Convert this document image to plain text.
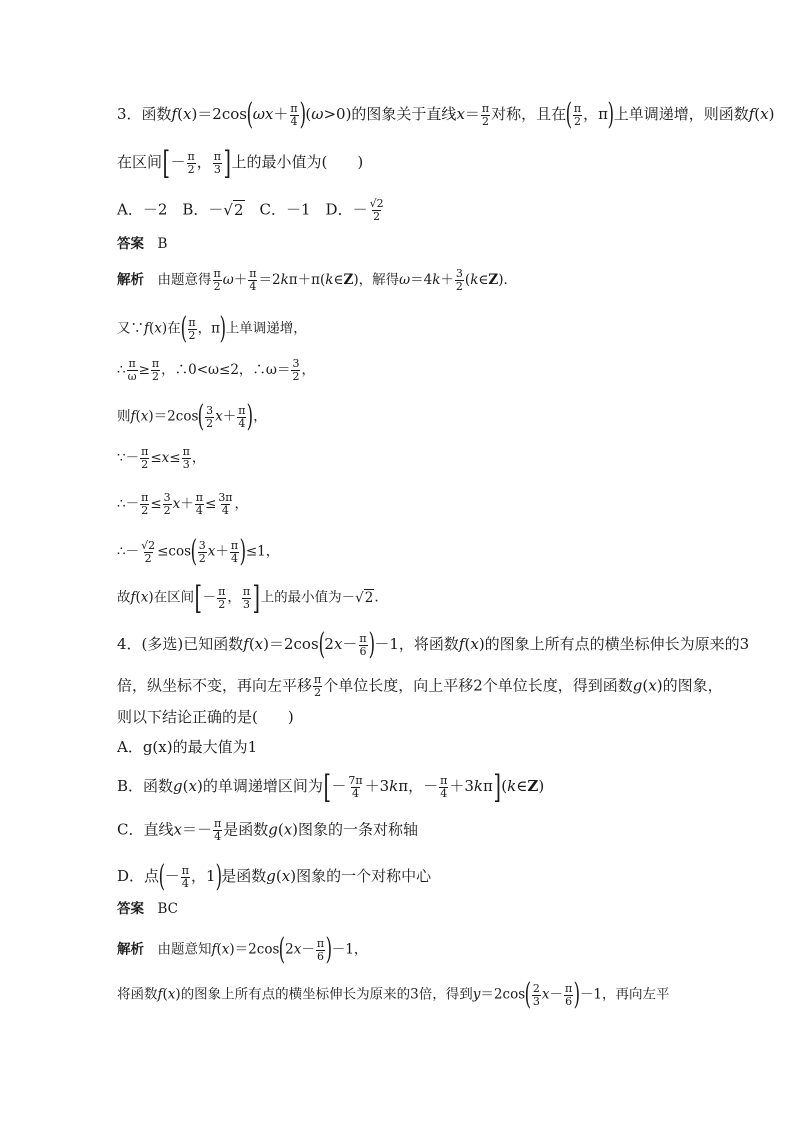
3．函数$f(x)=2\cos(\omega x+ \frac{\pi}{4} )(\omega>0)$的图象关于直线$x= \frac{\pi}{2}$ 对称，且在( $\frac{\pi}{2}$ ，π)上单调递增，则函数f(x)
在区间[－ $\frac{\pi}{2}$ ， $\frac{\pi}{3}$ ]上的最小值为(　　)
A．－2　B．－√2　C．－1　D．－ $\frac{√2}{2}$
答案　 B
解析　 由题意得 $\frac{\pi}{2} \omega+ \frac{\pi}{4}$ ＝2kπ＋π(k∈Z)，解得$\omega=4k+ \frac{3}{2}$ (k∈Z)．
又∵f(x)在( $\frac{\pi}{2}$ ，π)上单调递增，
∴ $\frac{\pi}{\omega} \ge \frac{\pi}{2}$ ，∴0<ω≤2，∴ω＝ $\frac{3}{2}$ ，
则$f(x)=2\cos( \frac{3}{2} x+ \frac{\pi}{4}$ )，
∵－ $\frac{\pi}{2} \le x\le \frac{\pi}{3}$ ，
∴－ $\frac{\pi}{2} \le \frac{3}{2} x+ \frac{\pi}{4} \le \frac{3\pi}{4}$ ，
∴－ $\frac{√2}{2} \le\cos( \frac{3}{2} x+ \frac{\pi}{4} )\le 1$，
故f(x)在区间[－ $\frac{\pi}{2}$ ， $\frac{\pi}{3}$ ]上的最小值为－√2.
4．(多选)已知函数$f(x)=2\cos(2x- \frac{\pi}{6} )-1$，将函数f(x)的图象上所有点的横坐标伸长为原来的3
倍，纵坐标不变，再向左平移 $\frac{\pi}{2}$ 个单位长度，向上平移2个单位长度，得到函数g(x)的图象，
则以下结论正确的是(　　)
A．g(x)的最大值为1
B．函数g(x)的单调递增区间为[－ $\frac{7\pi}{4} +3k\pi$，－ $\frac{\pi}{4}$ ＋3kπ](k∈Z)
C．直线$x=- \frac{\pi}{4}$ 是函数g(x)图象的一条对称轴
D．点(－ $\frac{\pi}{4}$ ，1)是函数g(x)图象的一个对称中心
答案　 BC
解析　 由题意知$f(x)=2\cos(2x- \frac{\pi}{6} )-1$，
将函数f(x)的图象上所有点的横坐标伸长为原来的3倍，得到$y=2\cos( \frac{2}{3} x- \frac{\pi}{6} )-1$，再向左平
